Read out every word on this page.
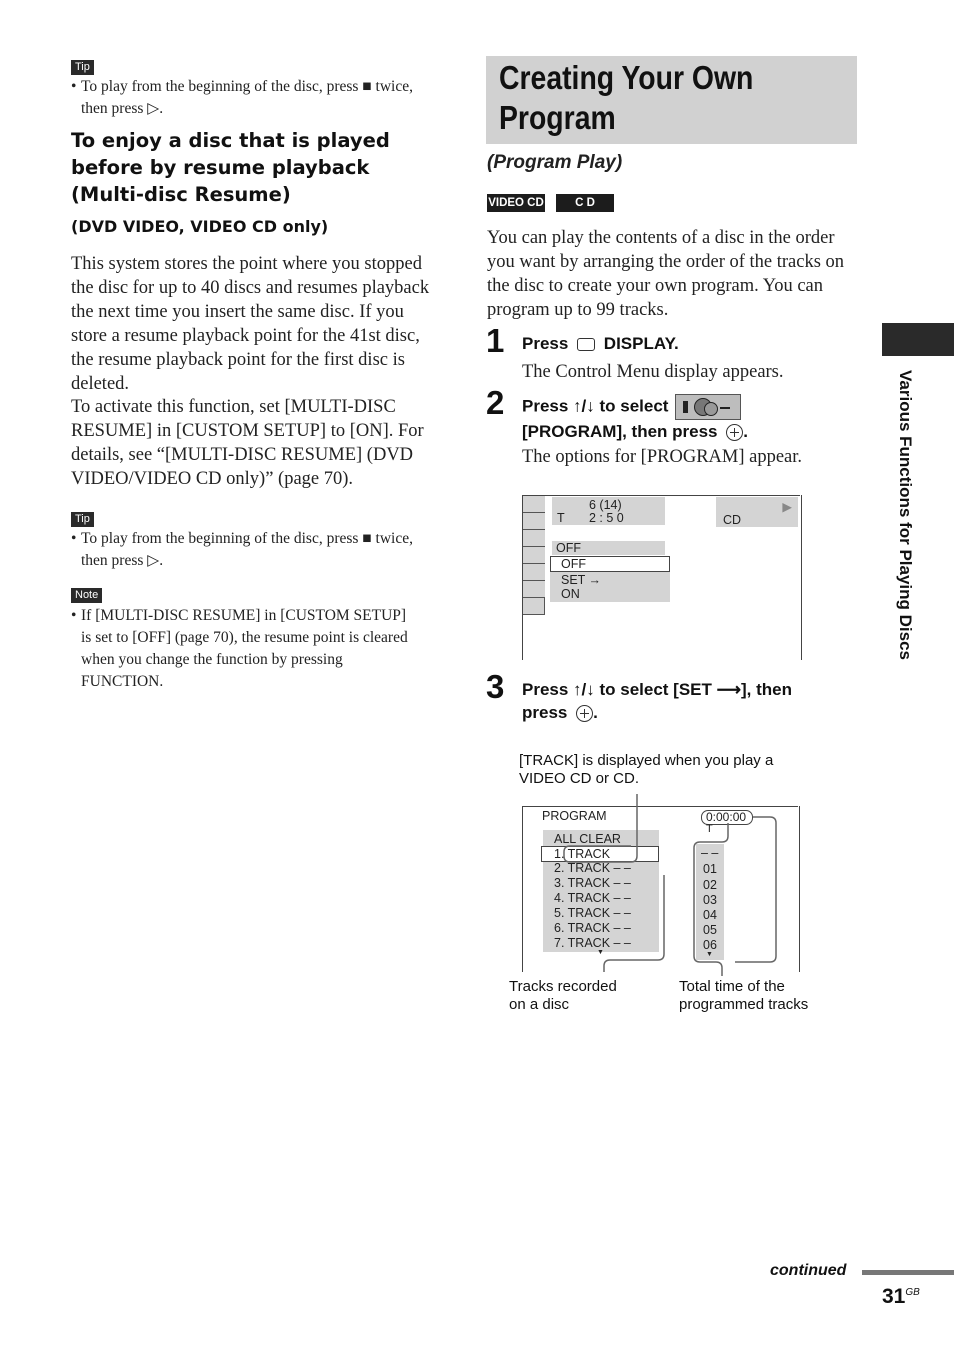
Tip
• To play from the beginning of the disc, press ■ twice,
then press ▷.
To enjoy a disc that is played
before by resume playback
(Multi-disc Resume)
(DVD VIDEO, VIDEO CD only)
This system stores the point where you stopped
the disc for up to 40 discs and resumes playback
the next time you insert the same disc. If you
store a resume playback point for the 41st disc,
the resume playback point for the first disc is
deleted.
To activate this function, set [MULTI-DISC
RESUME] in [CUSTOM SETUP] to [ON]. For
details, see “[MULTI-DISC RESUME] (DVD
VIDEO/VIDEO CD only)” (page 70).
Tip
• To play from the beginning of the disc, press ■ twice,
then press ▷.
Note
• If [MULTI-DISC RESUME] in [CUSTOM SETUP]
is set to [OFF] (page 70), the resume point is cleared
when you change the function by pressing
FUNCTION.
Creating Your Own
Program
(Program Play)
VIDEO CD	C D
You can play the contents of a disc in the order
you want by arranging the order of the tracks on
the disc to create your own program. You can
program up to 99 tracks.
1 Press DISPLAY.
The Control Menu display appears.
2 Press ↑/↓ to select
[PROGRAM], then press .
The options for [PROGRAM] appear.
6 (14)
T 2 : 5 0
▶
CD
OFF
OFF
SET →
ON
3 Press ↑/↓ to select [SET ⟶], then
press .
[TRACK] is displayed when you play a
VIDEO CD or CD.
PROGRAM	0:00:00
T
ALL CLEAR
1. TRACK
2. TRACK – –
3. TRACK – –
4. TRACK – –
5. TRACK – –
6. TRACK – –
7. TRACK – –
▼
– –
01
02
03
04
05
06
▼
Tracks recorded
on a disc
Total time of the
programmed tracks
Various Functions for Playing Discs
continued
$31^{GB}$
